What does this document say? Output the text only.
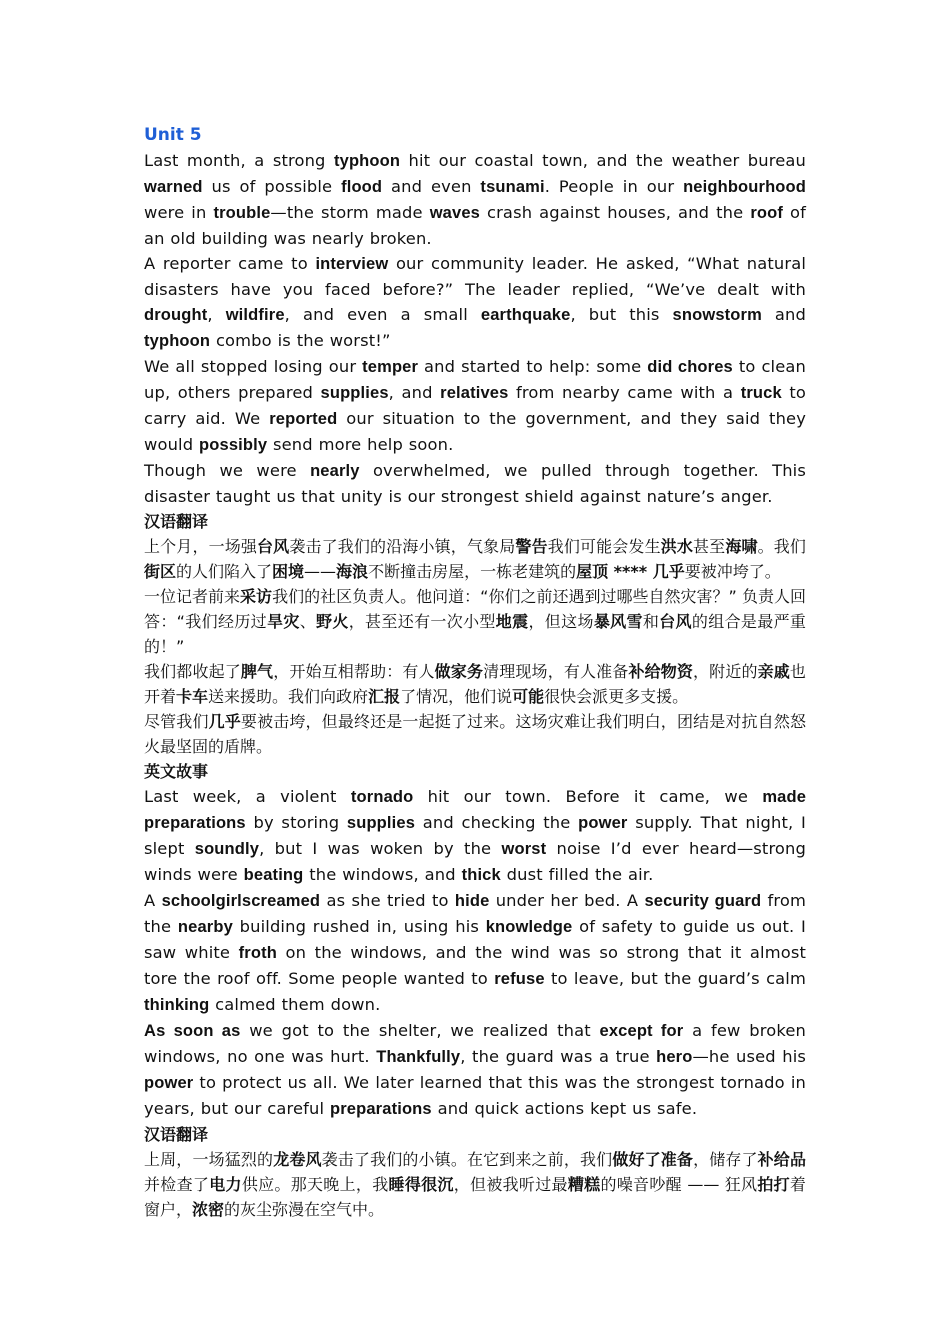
Unit 5

Last month, a strong typhoon hit our coastal town, and the weather bureau warned us of possible flood and even tsunami. People in our neighbourhood were in trouble—the storm made waves crash against houses, and the roof of an old building was nearly broken.

A reporter came to interview our community leader. He asked, “What natural disasters have you faced before?” The leader replied, “We’ve dealt with drought, wildfire, and even a small earthquake, but this snowstorm and typhoon combo is the worst!”

We all stopped losing our temper and started to help: some did chores to clean up, others prepared supplies, and relatives from nearby came with a truck to carry aid. We reported our situation to the government, and they said they would possibly send more help soon.

Though we were nearly overwhelmed, we pulled through together. This disaster taught us that unity is our strongest shield against nature’s anger.

汉语翻译

上个月，一场强台风袭击了我们的沿海小镇，气象局警告我们可能会发生洪水甚至海啸。我们街区的人们陷入了困境——海浪不断撞击房屋，一栋老建筑的屋顶 **** 几乎要被冲垮了。

一位记者前来采访我们的社区负责人。他问道：“你们之前还遇到过哪些自然灾害？” 负责人回答：“我们经历过旱灾、野火，甚至还有一次小型地震，但这场暴风雪和台风的组合是最严重的！”

我们都收起了脾气，开始互相帮助：有人做家务清理现场，有人准备补给物资，附近的亲戚也开着卡车送来援助。我们向政府汇报了情况，他们说可能很快会派更多支援。

尽管我们几乎要被击垮，但最终还是一起挺了过来。这场灾难让我们明白，团结是对抗自然怒火最坚固的盾牌。

英文故事

Last week, a violent tornado hit our town. Before it came, we made preparations by storing supplies and checking the power supply. That night, I slept soundly, but I was woken by the worst noise I’d ever heard—strong winds were beating the windows, and thick dust filled the air.

A schoolgirlscreamed as she tried to hide under her bed. A security guard from the nearby building rushed in, using his knowledge of safety to guide us out. I saw white froth on the windows, and the wind was so strong that it almost tore the roof off. Some people wanted to refuse to leave, but the guard’s calm thinking calmed them down.

As soon as we got to the shelter, we realized that except for a few broken windows, no one was hurt. Thankfully, the guard was a true hero—he used his power to protect us all. We later learned that this was the strongest tornado in years, but our careful preparations and quick actions kept us safe.

汉语翻译

上周，一场猛烈的龙卷风袭击了我们的小镇。在它到来之前，我们做好了准备，储存了补给品并检查了电力供应。那天晚上，我睡得很沉，但被我听过最糟糕的噪音吵醒 —— 狂风拍打着窗户，浓密的灰尘弥漫在空气中。
